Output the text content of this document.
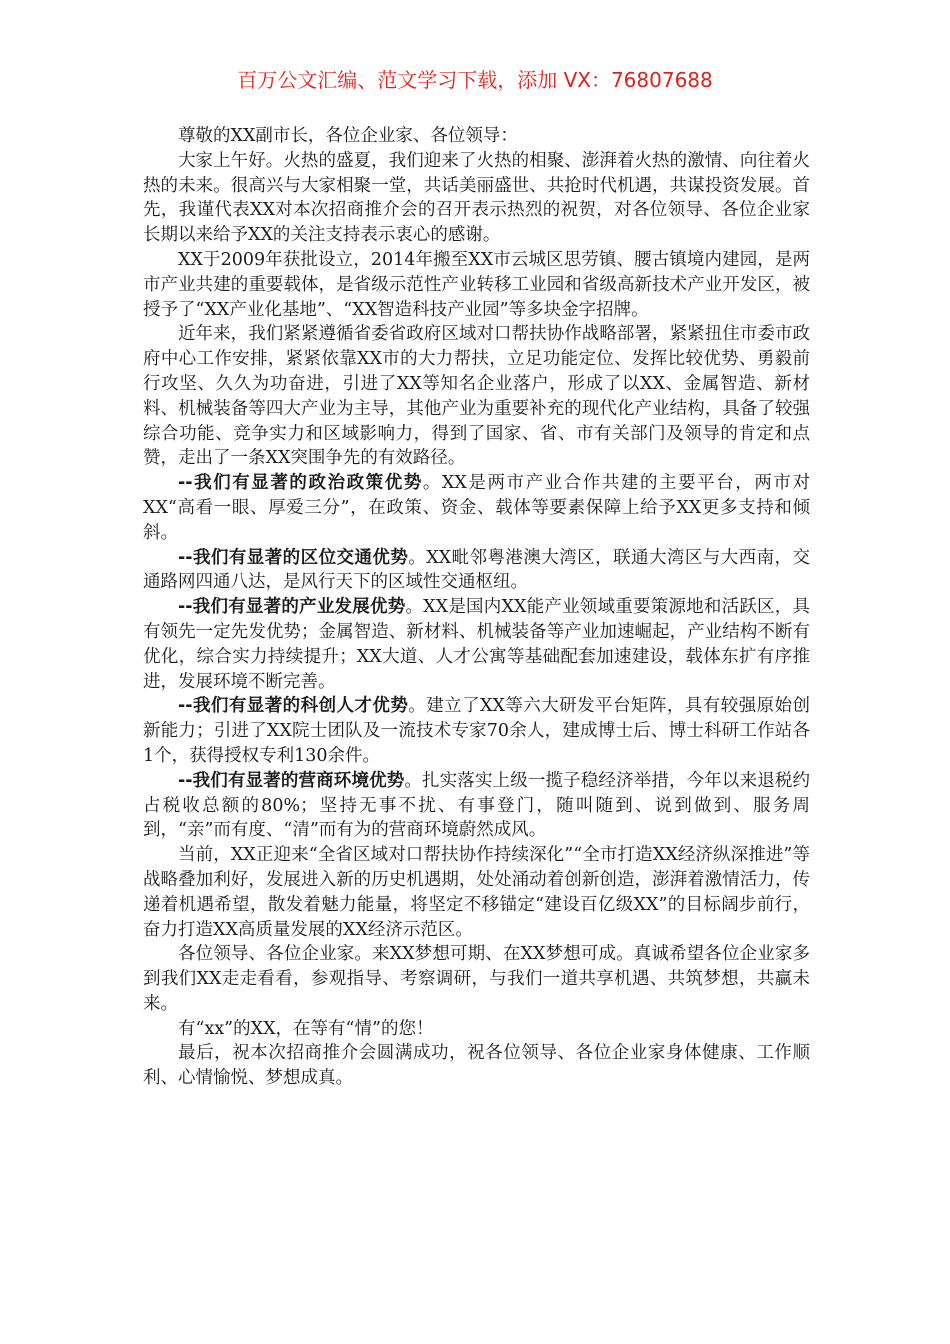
百万公文汇编、范文学习下载，添加 VX：76807688

尊敬的XX副市长，各位企业家、各位领导：

大家上午好。火热的盛夏，我们迎来了火热的相聚、澎湃着火热的激情、向往着火热的未来。很高兴与大家相聚一堂，共话美丽盛世、共抢时代机遇，共谋投资发展。首先，我谨代表XX对本次招商推介会的召开表示热烈的祝贺，对各位领导、各位企业家长期以来给予XX的关注支持表示衷心的感谢。

XX于2009年获批设立，2014年搬至XX市云城区思劳镇、腰古镇境内建园，是两市产业共建的重要载体，是省级示范性产业转移工业园和省级高新技术产业开发区，被授予了“XX产业化基地”、“XX智造科技产业园”等多块金字招牌。

近年来，我们紧紧遵循省委省政府区域对口帮扶协作战略部署，紧紧扭住市委市政府中心工作安排，紧紧依靠XX市的大力帮扶，立足功能定位、发挥比较优势、勇毅前行攻坚、久久为功奋进，引进了XX等知名企业落户，形成了以XX、金属智造、新材料、机械装备等四大产业为主导，其他产业为重要补充的现代化产业结构，具备了较强综合功能、竞争实力和区域影响力，得到了国家、省、市有关部门及领导的肯定和点赞，走出了一条XX突围争先的有效路径。

--我们有显著的政治政策优势。XX是两市产业合作共建的主要平台，两市对XX“高看一眼、厚爱三分”，在政策、资金、载体等要素保障上给予XX更多支持和倾斜。

--我们有显著的区位交通优势。XX毗邻粤港澳大湾区，联通大湾区与大西南，交通路网四通八达，是风行天下的区域性交通枢纽。

--我们有显著的产业发展优势。XX是国内XX能产业领域重要策源地和活跃区，具有领先一定先发优势；金属智造、新材料、机械装备等产业加速崛起，产业结构不断有优化，综合实力持续提升；XX大道、人才公寓等基础配套加速建设，载体东扩有序推进，发展环境不断完善。

--我们有显著的科创人才优势。建立了XX等六大研发平台矩阵，具有较强原始创新能力；引进了XX院士团队及一流技术专家70余人，建成博士后、博士科研工作站各1个，获得授权专利130余件。

--我们有显著的营商环境优势。扎实落实上级一揽子稳经济举措，今年以来退税约占税收总额的80%；坚持无事不扰、有事登门，随叫随到、说到做到、服务周到，“亲”而有度、“清”而有为的营商环境蔚然成风。

当前，XX正迎来“全省区域对口帮扶协作持续深化”“全市打造XX经济纵深推进”等战略叠加利好，发展进入新的历史机遇期，处处涌动着创新创造，澎湃着激情活力，传递着机遇希望，散发着魅力能量，将坚定不移锚定“建设百亿级XX”的目标阔步前行，奋力打造XX高质量发展的XX经济示范区。

各位领导、各位企业家。来XX梦想可期、在XX梦想可成。真诚希望各位企业家多到我们XX走走看看，参观指导、考察调研，与我们一道共享机遇、共筑梦想，共赢未来。

有“xx”的XX，在等有“情”的您！

最后，祝本次招商推介会圆满成功，祝各位领导、各位企业家身体健康、工作顺利、心情愉悦、梦想成真。
